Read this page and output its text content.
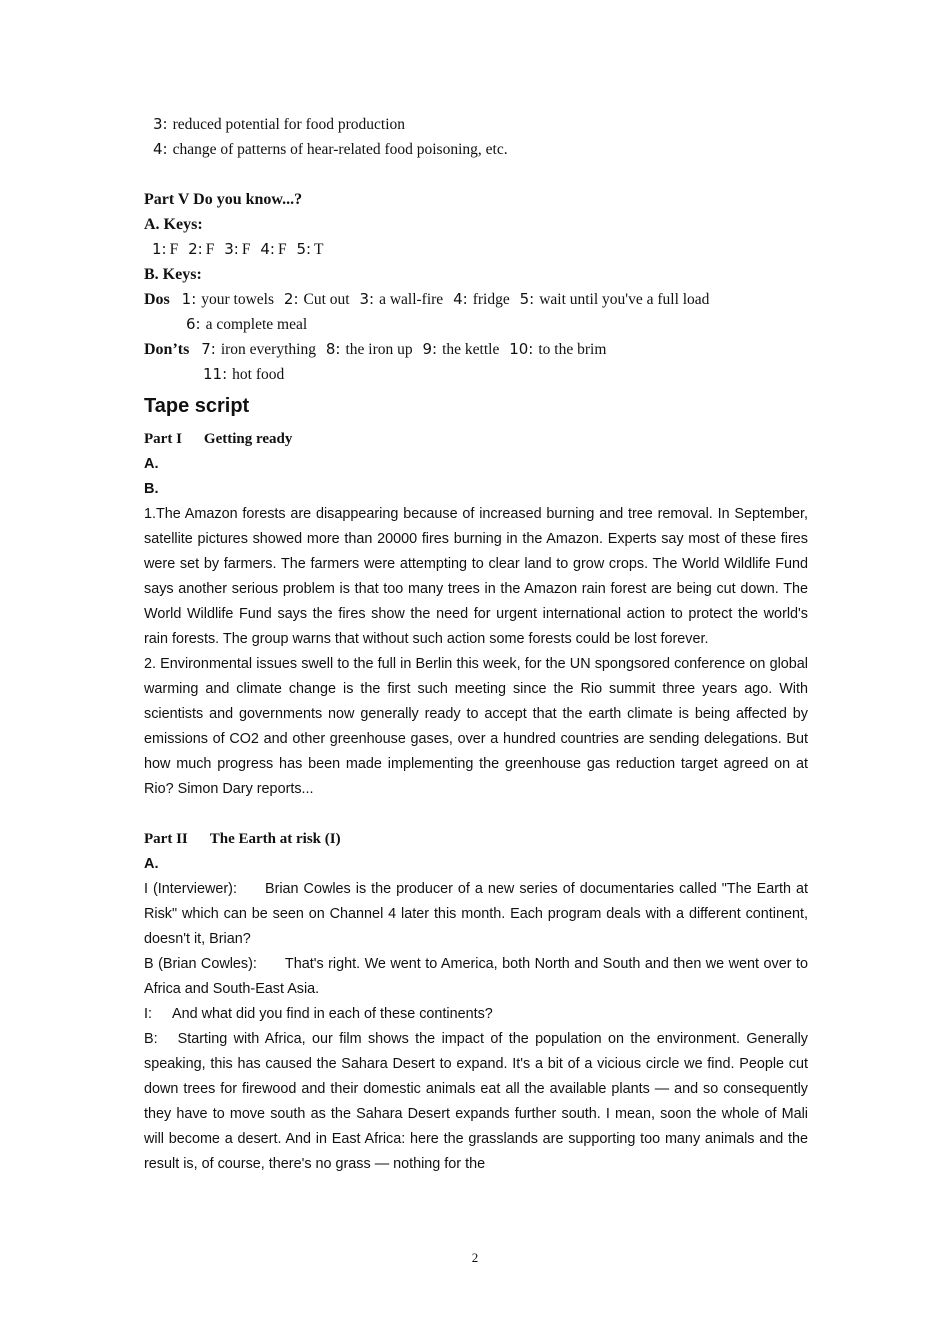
3: reduced potential for food production
4: change of patterns of hear-related food poisoning, etc.
Part V Do you know...?
A. Keys:
1: F 2: F 3: F 4: F 5: T
B. Keys:
Dos 1: your towels 2: Cut out 3: a wall-fire 4: fridge 5: wait until you've a full load
6: a complete meal
Don’ts 7: iron everything 8: the iron up 9: the kettle 10: to the brim
11: hot food
Tape script
Part I Getting ready
A.
B.
1.The Amazon forests are disappearing because of increased burning and tree removal. In September, satellite pictures showed more than 20000 fires burning in the Amazon. Experts say most of these fires were set by farmers. The farmers were attempting to clear land to grow crops. The World Wildlife Fund says another serious problem is that too many trees in the Amazon rain forest are being cut down. The World Wildlife Fund says the fires show the need for urgent international action to protect the world's rain forests. The group warns that without such action some forests could be lost forever.
2. Environmental issues swell to the full in Berlin this week, for the UN spongsored conference on global warming and climate change is the first such meeting since the Rio summit three years ago. With scientists and governments now generally ready to accept that the earth climate is being affected by emissions of CO2 and other greenhouse gases, over a hundred countries are sending delegations. But how much progress has been made implementing the greenhouse gas reduction target agreed on at Rio? Simon Dary reports...
Part II The Earth at risk (I)
A.
I (Interviewer): Brian Cowles is the producer of a new series of documentaries called "The Earth at Risk" which can be seen on Channel 4 later this month. Each program deals with a different continent, doesn't it, Brian?
B (Brian Cowles): That's right. We went to America, both North and South and then we went over to Africa and South-East Asia.
I: And what did you find in each of these continents?
B: Starting with Africa, our film shows the impact of the population on the environment. Generally speaking, this has caused the Sahara Desert to expand. It's a bit of a vicious circle we find. People cut down trees for firewood and their domestic animals eat all the available plants — and so consequently they have to move south as the Sahara Desert expands further south. I mean, soon the whole of Mali will become a desert. And in East Africa: here the grasslands are supporting too many animals and the result is, of course, there's no grass — nothing for the
2
